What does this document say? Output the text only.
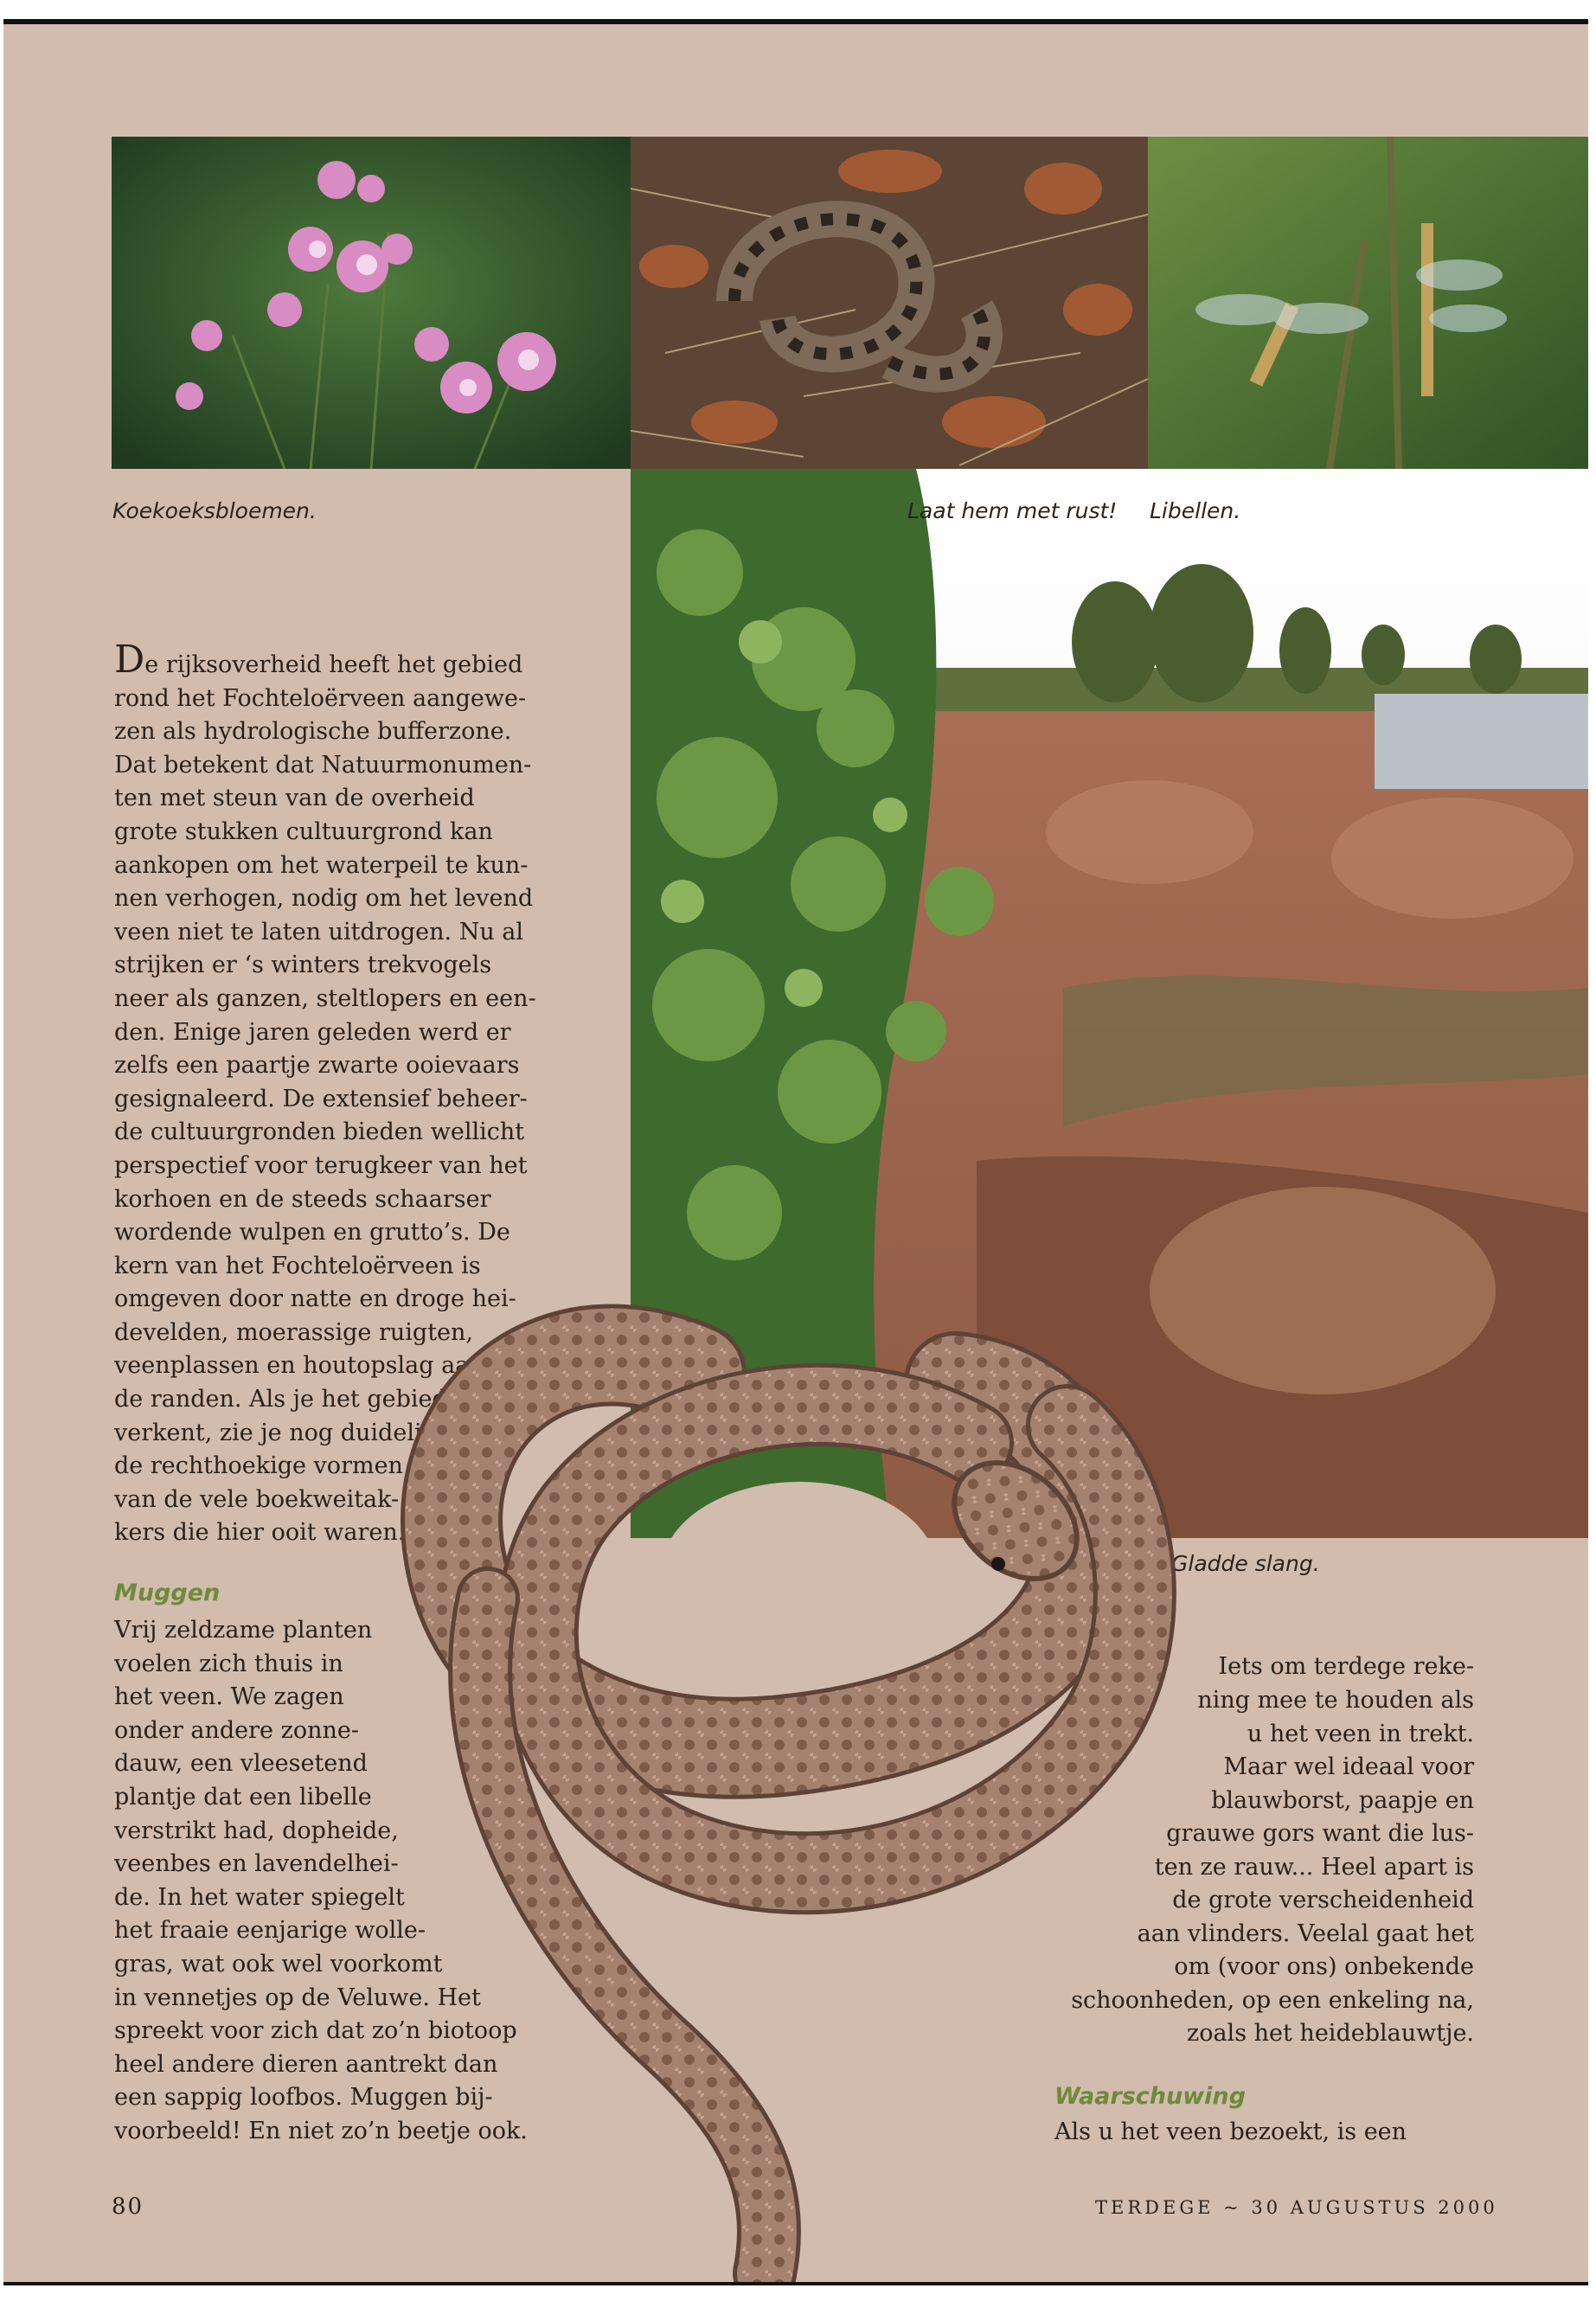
Koekoeksbloemen.	Laat hem met rust! Libellen.
Gladde slang.
De rijksoverheid heeft het gebied
rond het Fochteloërveen aangewe-
zen als hydrologische bufferzone.
Dat betekent dat Natuurmonumen-
ten met steun van de overheid
grote stukken cultuurgrond kan
aankopen om het waterpeil te kun-
nen verhogen, nodig om het levend
veen niet te laten uitdrogen. Nu al
strijken er ‘s winters trekvogels
neer als ganzen, steltlopers en een-
den. Enige jaren geleden werd er
zelfs een paartje zwarte ooievaars
gesignaleerd. De extensief beheer-
de cultuurgronden bieden wellicht
perspectief voor terugkeer van het
korhoen en de steeds schaarser
wordende wulpen en grutto’s. De
kern van het Fochteloërveen is
omgeven door natte en droge hei-
develden, moerassige ruigten,
veenplassen en houtopslag aan
de randen. Als je het gebied
verkent, zie je nog duidelijk
de rechthoekige vormen
van de vele boekweitak-
kers die hier ooit waren.
Muggen
Vrij zeldzame planten
voelen zich thuis in
het veen. We zagen
onder andere zonne-
dauw, een vleesetend
plantje dat een libelle
verstrikt had, dopheide,
veenbes en lavendelhei-
de. In het water spiegelt
het fraaie eenjarige wolle-
gras, wat ook wel voorkomt
in vennetjes op de Veluwe. Het
spreekt voor zich dat zo’n biotoop
heel andere dieren aantrekt dan
een sappig loofbos. Muggen bij-
voorbeeld! En niet zo’n beetje ook.
Iets om terdege reke-
ning mee te houden als
u het veen in trekt.
Maar wel ideaal voor
blauwborst, paapje en
grauwe gors want die lus-
ten ze rauw... Heel apart is
de grote verscheidenheid
aan vlinders. Veelal gaat het
om (voor ons) onbekende
schoonheden, op een enkeling na,
zoals het heideblauwtje.
Waarschuwing
Als u het veen bezoekt, is een
80	TERDEGE ~ 30 AUGUSTUS 2000
